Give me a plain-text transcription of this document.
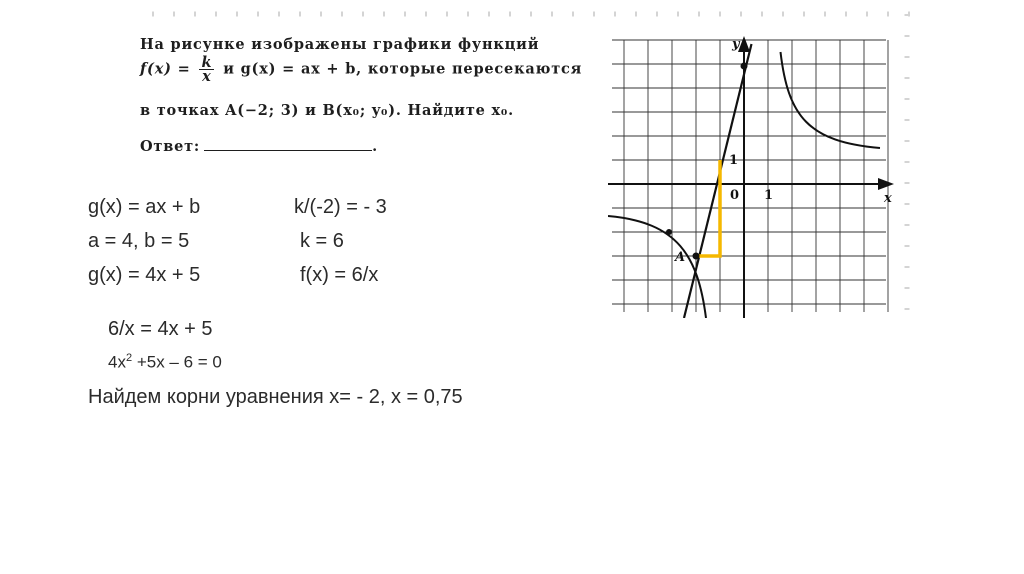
На рисунке изображены графики функций
$f(x) = \frac{k}{x}$ и g(x) = ax + b, которые пересекаются
в точках A(−2; 3) и B(x₀; y₀). Найдите x₀.
Ответ:	.
y
x
1
0 1
A
g(x) = ax + b	k/(-2) = - 3
a = 4, b = 5	k = 6
g(x) = 4x + 5	f(x) = 6/x
6/x = 4x + 5
$4x^2 +5x - 6 = 0$
Найдем корни уравнения x= - 2, x = 0,75
